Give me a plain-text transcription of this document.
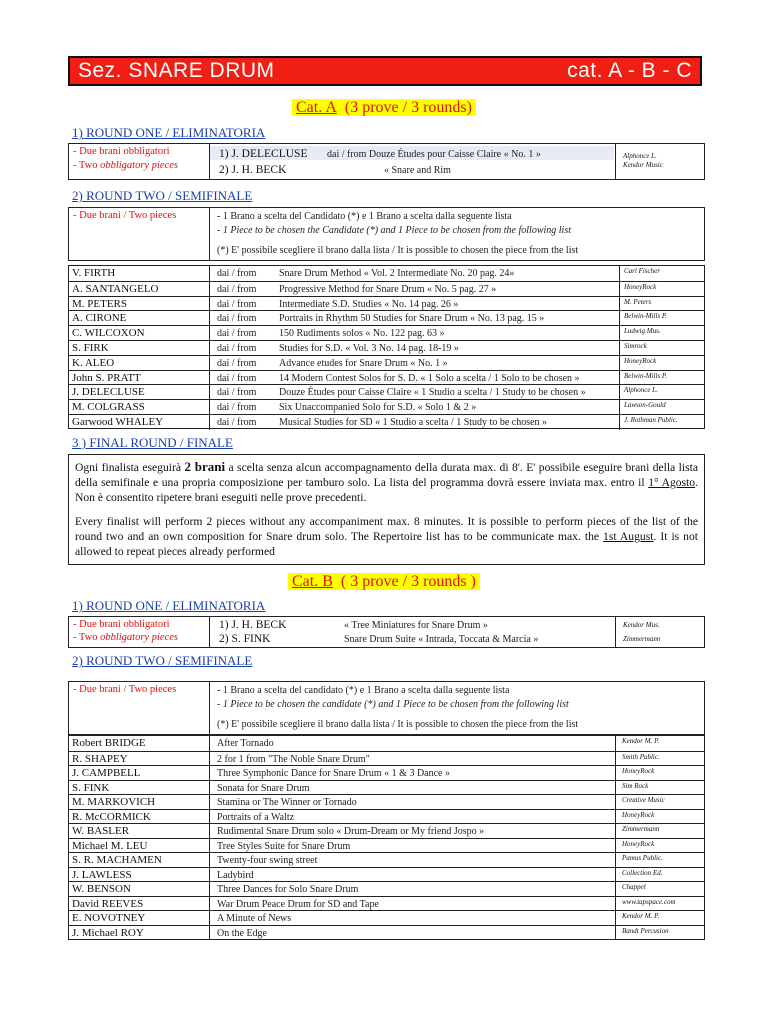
Sez. SNARE DRUM	cat. A - B - C
Cat. A (3 prove / 3 rounds)
1) ROUND ONE / ELIMINATORIA
- Due brani obbligatori
- Two obbligatory pieces
1) J. DELECLUSE dai / from Douze Études pour Caisse Claire « No. 1 »
2) J. H. BECK	« Snare and Rim
Alphonce L.
Kendor Music
2) ROUND TWO / SEMIFINALE
- Due brani / Two pieces	- 1 Brano a scelta del Candidato (*) e 1 Brano a scelta dalla seguente lista
- 1 Piece to be chosen the Candidate (*) and 1 Piece to be chosen from the following list
(*) E' possibile scegliere il brano dalla lista / It is possible to chosen the piece from the list
V. FIRTH	dai / from Snare Drum Method « Vol. 2 Intermediate No. 20 pag. 24»	Carl Fischer
A. SANTANGELO	dai / from Progressive Method for Snare Drum « No. 5 pag. 27 »	HoneyRock
M. PETERS	dai / from Intermediate S.D. Studies « No. 14 pag. 26 »	M. Peters
A. CIRONE	dai / from Portraits in Rhythm 50 Studies for Snare Drum « No. 13 pag. 15 »	Belwin-Mills P.
C. WILCOXON	dai / from 150 Rudiments solos « No. 122 pag. 63 »	Ludwig Mus.
S. FIRK	dai / from Studies for S.D. « Vol. 3 No. 14 pag. 18-19 »	Simrock
K. ALEO	dai / from Advance etudes for Snare Drum « No. 1 »	HoneyRock
John S. PRATT	dai / from 14 Modern Contest Solos for S. D. « 1 Solo a scelta / 1 Solo to be chosen »	Belwin-Mills P.
J. DELECLUSE	dai / from Douze Études pour Caisse Claire « 1 Studio a scelta / 1 Study to be chosen »	Alphonce L.
M. COLGRASS	dai / from Six Unaccompanied Solo for S.D. « Solo 1 & 2 »	Lawson-Gould
Garwood WHALEY	dai / from Musical Studies for SD « 1 Studio a scelta / 1 Study to be chosen »	J. Rothman Public.
3 ) FINAL ROUND / FINALE
Ogni finalista eseguirà 2 brani a scelta senza alcun accompagnamento della durata max. di 8'. E' possibile eseguire brani della lista della semifinale e una propria composizione per tamburo solo. La lista del programma dovrà essere inviata max. entro il 1° Agosto. Non è consentito ripetere brani eseguiti nelle prove precedenti.
Every finalist will perform 2 pieces without any accompaniment max. 8 minutes. It is possible to perform pieces of the list of the round two and an own composition for Snare drum solo. The Repertoire list has to be communicate max. the 1st August. It is not allowed to repeat pieces already performed
Cat. B ( 3 prove / 3 rounds )
1) ROUND ONE / ELIMINATORIA
- Due brani obbligatori
- Two obbligatory pieces
1) J. H. BECK	« Tree Miniatures for Snare Drum »
2) S. FINK	Snare Drum Suite « Intrada, Toccata & Marcia »
Kendor Mus.
Zimmermann
2) ROUND TWO / SEMIFINALE
- Due brani / Two pieces	- 1 Brano a scelta del candidato (*) e 1 Brano a scelta dalla seguente lista
- 1 Piece to be chosen the candidate (*) and 1 Piece to be chosen from the following list
(*) E' possibile scegliere il brano dalla lista / It is possible to chosen the piece from the list
Robert BRIDGE	After Tornado	Kendor M. P.
R. SHAPEY	2 for 1 from "The Noble Snare Drum"	Smith Public.
J. CAMPBELL	Three Symphonic Dance for Snare Drum « 1 & 3 Dance »	HoneyRock
S. FINK	Sonata for Snare Drum	Sim Rock
M. MARKOVICH	Stamina or The Winner or Tornado	Creative Music
R. McCORMICK	Portraits of a Waltz	HoneyRock
W. BASLER	Rudimental Snare Drum solo « Drum-Dream or My friend Jospo »	Zimmermann
Michael M. LEU	Tree Styles Suite for Snare Drum	HoneyRock
S. R. MACHAMEN	Twenty-four swing street	Pamus Public.
J. LAWLESS	Ladybird	Collection Ed.
W. BENSON	Three Dances for Solo Snare Drum	Chappel
David REEVES	War Drum Peace Drum for SD and Tape	www.tapspace.com
E. NOVOTNEY	A Minute of News	Kendor M. P.
J. Michael ROY	On the Edge	Bandt Percusion
